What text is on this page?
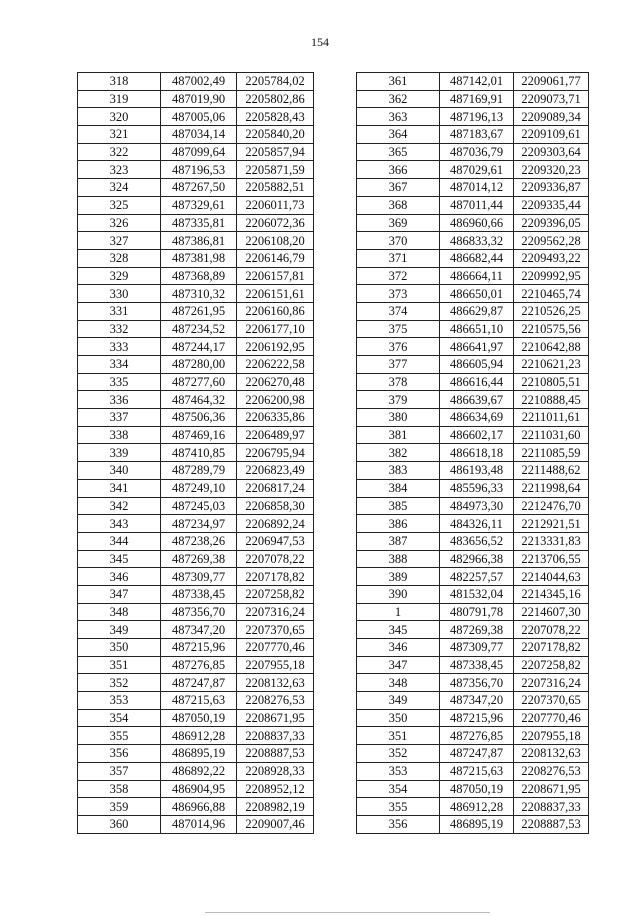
154
318	487002,49	2205784,02
319	487019,90	2205802,86
320	487005,06	2205828,43
321	487034,14	2205840,20
322	487099,64	2205857,94
323	487196,53	2205871,59
324	487267,50	2205882,51
325	487329,61	2206011,73
326	487335,81	2206072,36
327	487386,81	2206108,20
328	487381,98	2206146,79
329	487368,89	2206157,81
330	487310,32	2206151,61
331	487261,95	2206160,86
332	487234,52	2206177,10
333	487244,17	2206192,95
334	487280,00	2206222,58
335	487277,60	2206270,48
336	487464,32	2206200,98
337	487506,36	2206335,86
338	487469,16	2206489,97
339	487410,85	2206795,94
340	487289,79	2206823,49
341	487249,10	2206817,24
342	487245,03	2206858,30
343	487234,97	2206892,24
344	487238,26	2206947,53
345	487269,38	2207078,22
346	487309,77	2207178,82
347	487338,45	2207258,82
348	487356,70	2207316,24
349	487347,20	2207370,65
350	487215,96	2207770,46
351	487276,85	2207955,18
352	487247,87	2208132,63
353	487215,63	2208276,53
354	487050,19	2208671,95
355	486912,28	2208837,33
356	486895,19	2208887,53
357	486892,22	2208928,33
358	486904,95	2208952,12
359	486966,88	2208982,19
360	487014,96	2209007,46
361	487142,01	2209061,77
362	487169,91	2209073,71
363	487196,13	2209089,34
364	487183,67	2209109,61
365	487036,79	2209303,64
366	487029,61	2209320,23
367	487014,12	2209336,87
368	487011,44	2209335,44
369	486960,66	2209396,05
370	486833,32	2209562,28
371	486682,44	2209493,22
372	486664,11	2209992,95
373	486650,01	2210465,74
374	486629,87	2210526,25
375	486651,10	2210575,56
376	486641,97	2210642,88
377	486605,94	2210621,23
378	486616,44	2210805,51
379	486639,67	2210888,45
380	486634,69	2211011,61
381	486602,17	2211031,60
382	486618,18	2211085,59
383	486193,48	2211488,62
384	485596,33	2211998,64
385	484973,30	2212476,70
386	484326,11	2212921,51
387	483656,52	2213331,83
388	482966,38	2213706,55
389	482257,57	2214044,63
390	481532,04	2214345,16
1	480791,78	2214607,30
345	487269,38	2207078,22
346	487309,77	2207178,82
347	487338,45	2207258,82
348	487356,70	2207316,24
349	487347,20	2207370,65
350	487215,96	2207770,46
351	487276,85	2207955,18
352	487247,87	2208132,63
353	487215,63	2208276,53
354	487050,19	2208671,95
355	486912,28	2208837,33
356	486895,19	2208887,53
